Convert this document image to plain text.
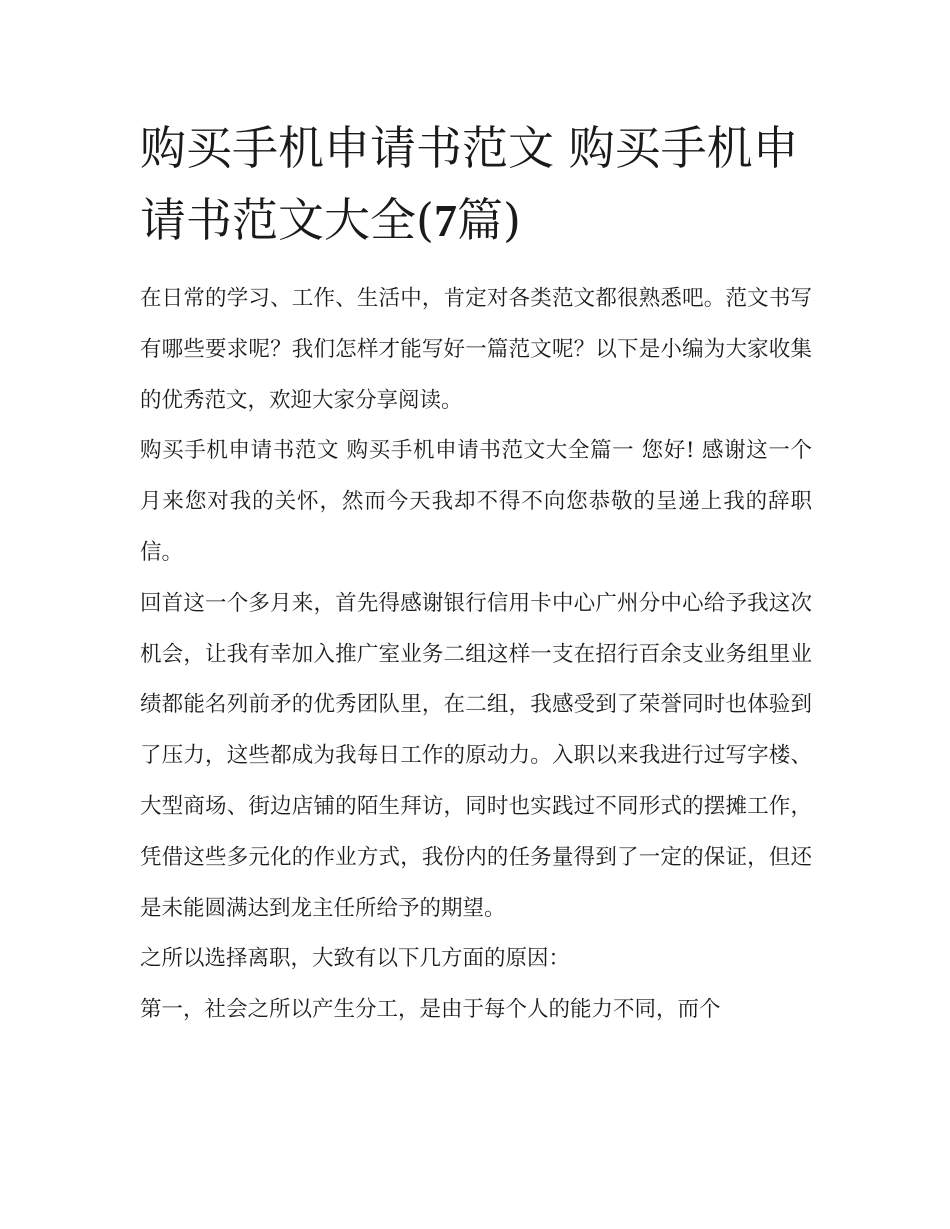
购买手机申请书范文 购买手机申请书范文大全(7篇)

在日常的学习、工作、生活中，肯定对各类范文都很熟悉吧。范文书写有哪些要求呢？我们怎样才能写好一篇范文呢？以下是小编为大家收集的优秀范文，欢迎大家分享阅读。

购买手机申请书范文 购买手机申请书范文大全篇一 您好! 感谢这一个月来您对我的关怀，然而今天我却不得不向您恭敬的呈递上我的辞职信。

回首这一个多月来，首先得感谢银行信用卡中心广州分中心给予我这次机会，让我有幸加入推广室业务二组这样一支在招行百余支业务组里业绩都能名列前矛的优秀团队里，在二组，我感受到了荣誉同时也体验到了压力，这些都成为我每日工作的原动力。入职以来我进行过写字楼、大型商场、街边店铺的陌生拜访，同时也实践过不同形式的摆摊工作，凭借这些多元化的作业方式，我份内的任务量得到了一定的保证，但还是未能圆满达到龙主任所给予的期望。

之所以选择离职，大致有以下几方面的原因：

第一，社会之所以产生分工，是由于每个人的能力不同，而个
